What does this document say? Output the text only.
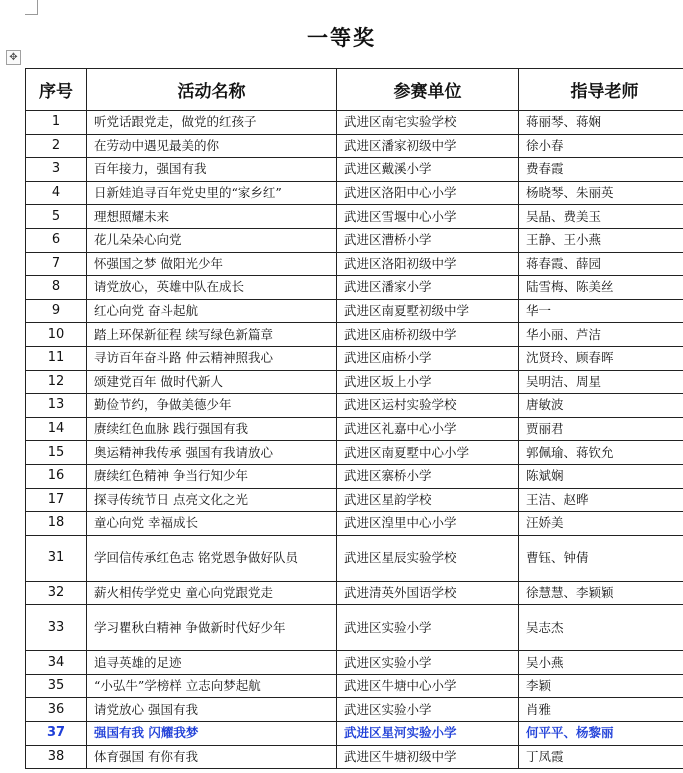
✥
一等奖
序号	活动名称	参赛单位	指导老师
1	听党话跟党走，做党的红孩子	武进区南宅实验学校	蒋丽琴、蒋娴
2	在劳动中遇见最美的你	武进区潘家初级中学	徐小春
3	百年接力，强国有我	武进区戴溪小学	费春霞
4	日新娃追寻百年党史里的“家乡红”	武进区洛阳中心小学	杨晓琴、朱丽英
5	理想照耀未来	武进区雪堰中心小学	吴晶、费美玉
6	花儿朵朵心向党	武进区漕桥小学	王静、王小燕
7	怀强国之梦 做阳光少年	武进区洛阳初级中学	蒋春霞、薛园
8	请党放心，英雄中队在成长	武进区潘家小学	陆雪梅、陈美丝
9	红心向党 奋斗起航	武进区南夏墅初级中学	华一
10	踏上环保新征程 续写绿色新篇章	武进区庙桥初级中学	华小丽、芦洁
11	寻访百年奋斗路 仲云精神照我心	武进区庙桥小学	沈贤玲、顾春晖
12	颂建党百年 做时代新人	武进区坂上小学	吴明洁、周星
13	勤俭节约，争做美德少年	武进区运村实验学校	唐敏波
14	赓续红色血脉 践行强国有我	武进区礼嘉中心小学	贾丽君
15	奥运精神我传承 强国有我请放心	武进区南夏墅中心小学	郭佩瑜、蒋钦允
16	赓续红色精神 争当行知少年	武进区寨桥小学	陈斌娴
17	探寻传统节日 点亮文化之光	武进区星韵学校	王洁、赵晔
18	童心向党 幸福成长	武进区湟里中心小学	汪娇美
31	学回信传承红色志 铭党恩争做好队员	武进区星辰实验学校	曹钰、钟倩
32	薪火相传学党史 童心向党跟党走	武进清英外国语学校	徐慧慧、李颖颖
33	学习瞿秋白精神 争做新时代好少年	武进区实验小学	吴志杰
34	追寻英雄的足迹	武进区实验小学	吴小燕
35	“小弘牛”学榜样 立志向梦起航	武进区牛塘中心小学	李颖
36	请党放心 强国有我	武进区实验小学	肖雅
37	强国有我 闪耀我梦	武进区星河实验小学	何平平、杨黎丽
38	体育强国 有你有我	武进区牛塘初级中学	丁凤霞
